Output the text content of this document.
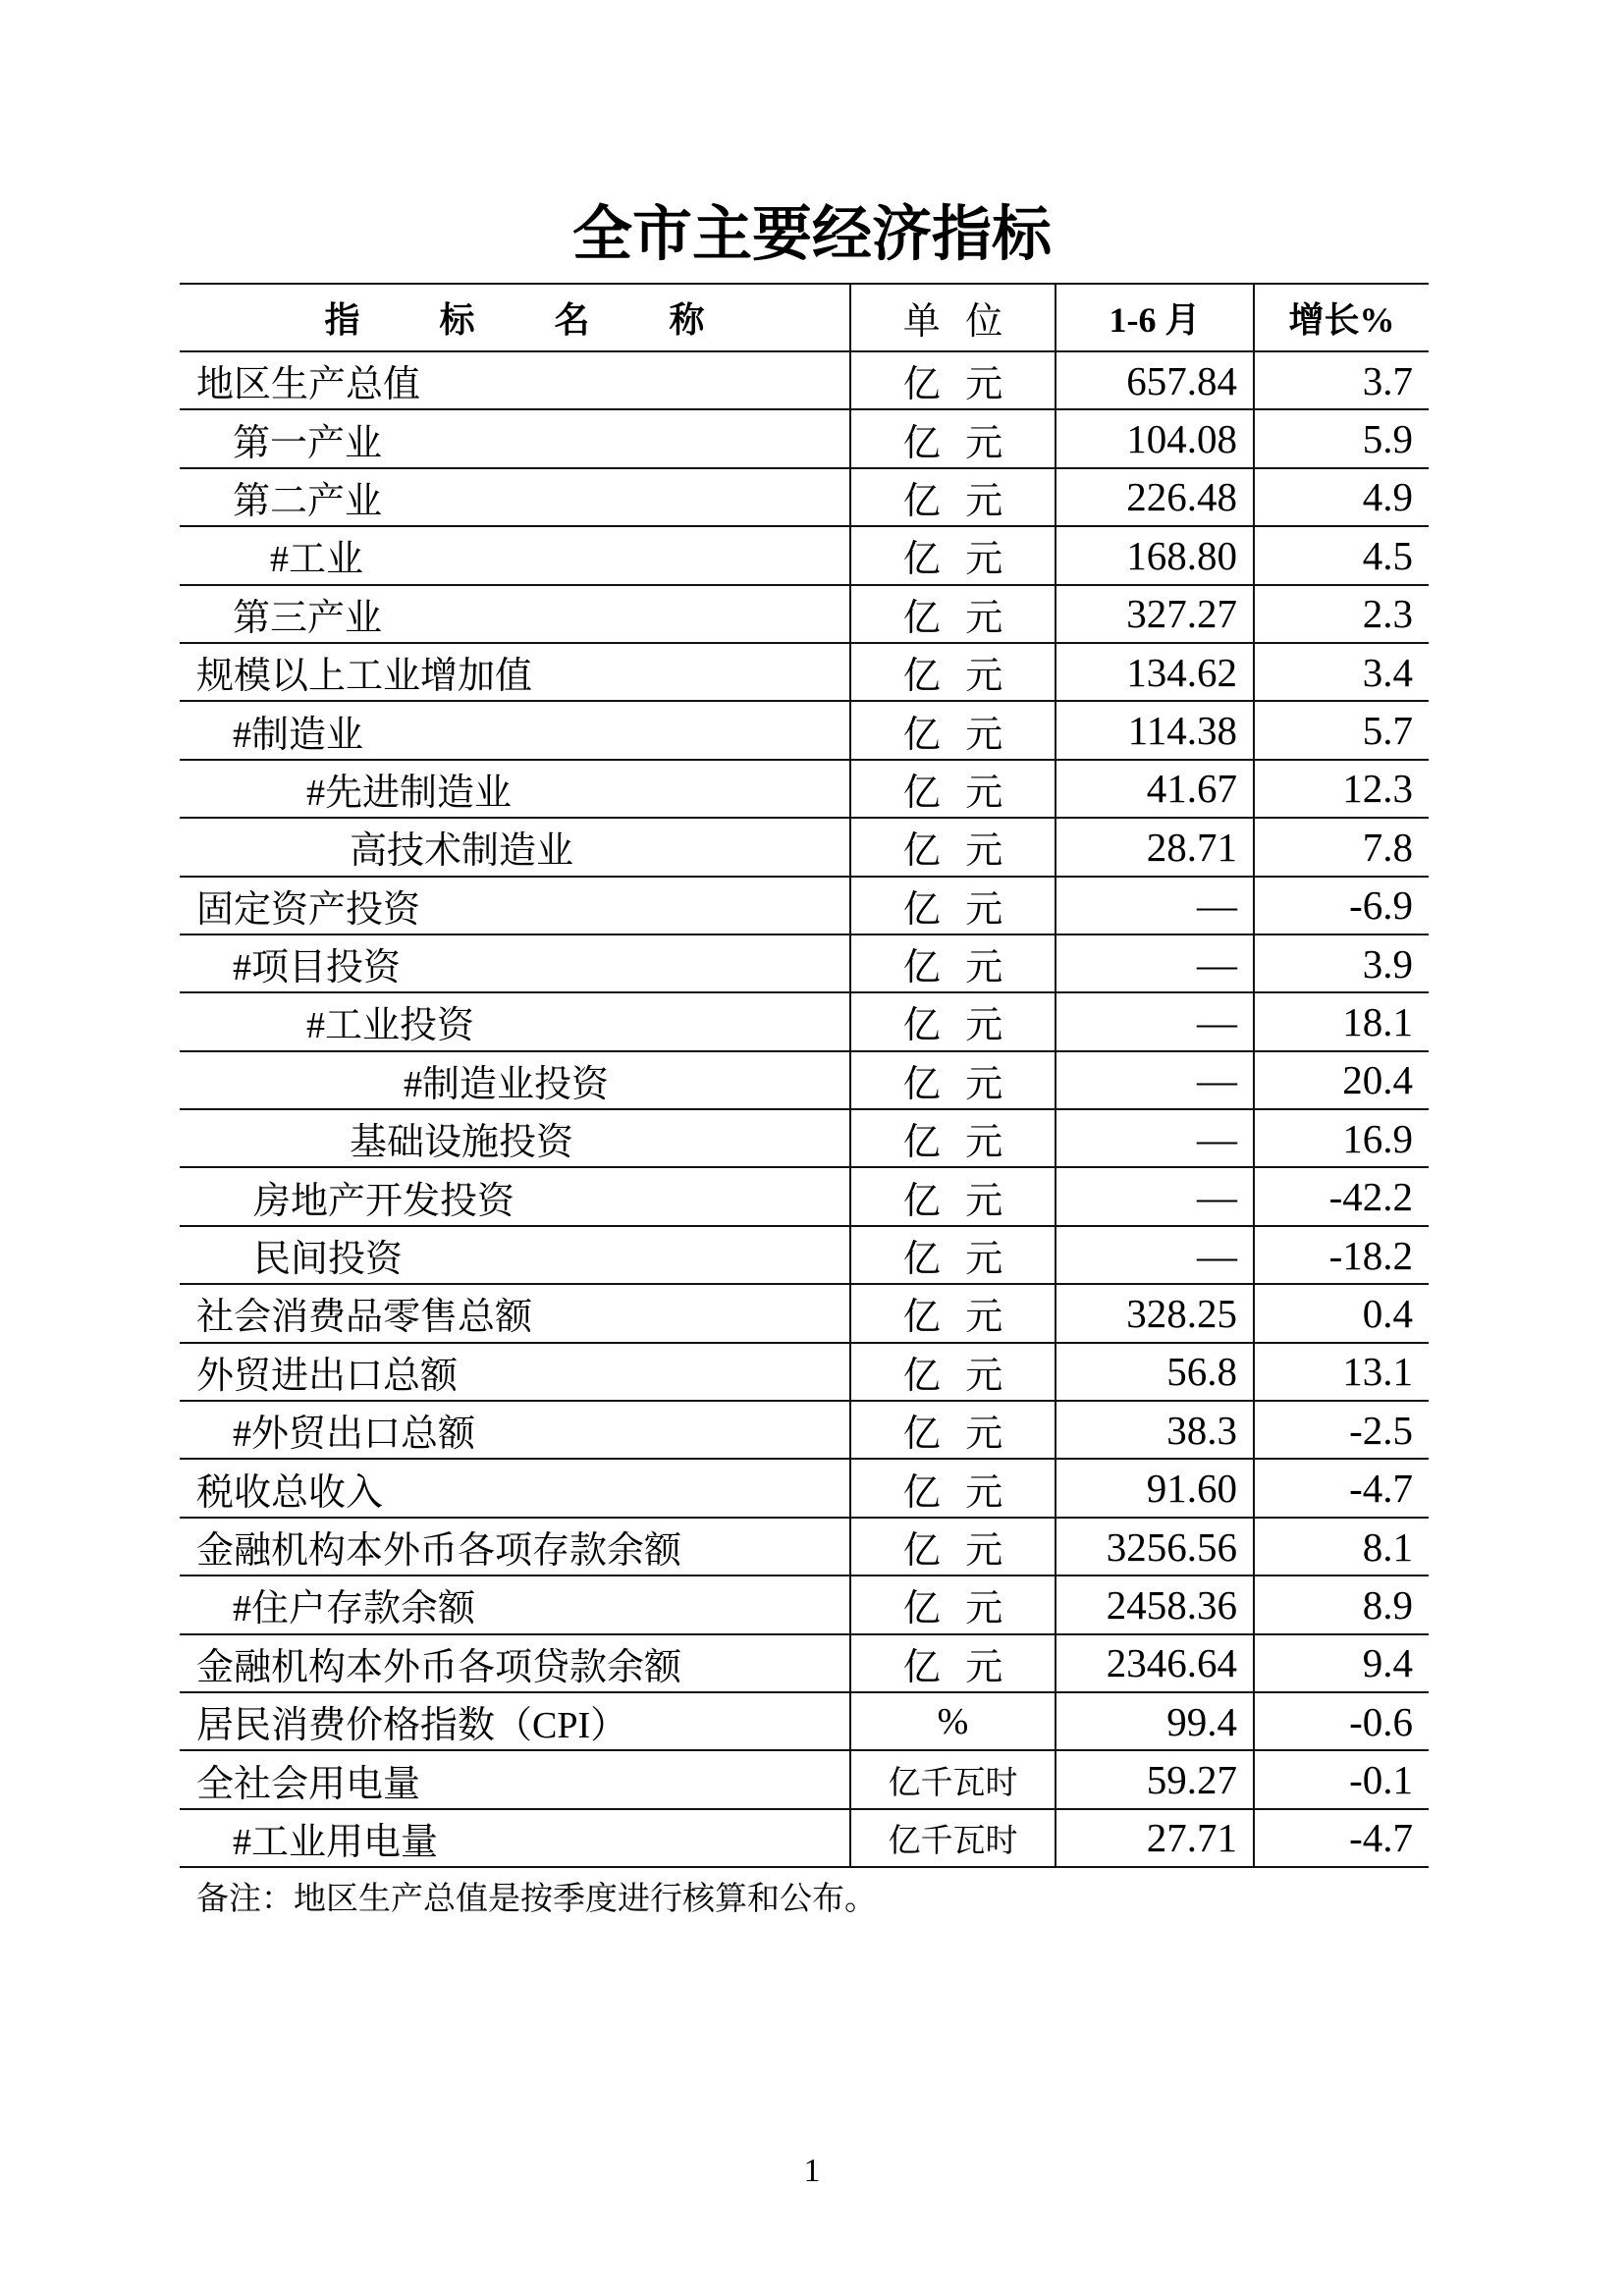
全市主要经济指标
指 标 名 称	单 位	1-6 月	增长%
地区生产总值	亿 元	657.84	3.7
第一产业	亿 元	104.08	5.9
第二产业	亿 元	226.48	4.9
#工业	亿 元	168.80	4.5
第三产业	亿 元	327.27	2.3
规模以上工业增加值	亿 元	134.62	3.4
#制造业	亿 元	114.38	5.7
#先进制造业	亿 元	41.67	12.3
高技术制造业	亿 元	28.71	7.8
固定资产投资	亿 元	—	-6.9
#项目投资	亿 元	—	3.9
#工业投资	亿 元	—	18.1
#制造业投资	亿 元	—	20.4
基础设施投资	亿 元	—	16.9
房地产开发投资	亿 元	—	-42.2
民间投资	亿 元	—	-18.2
社会消费品零售总额	亿 元	328.25	0.4
外贸进出口总额	亿 元	56.8	13.1
#外贸出口总额	亿 元	38.3	-2.5
税收总收入	亿 元	91.60	-4.7
金融机构本外币各项存款余额	亿 元	3256.56	8.1
#住户存款余额	亿 元	2458.36	8.9
金融机构本外币各项贷款余额	亿 元	2346.64	9.4
居民消费价格指数（CPI）	%	99.4	-0.6
全社会用电量	亿千瓦时	59.27	-0.1
#工业用电量	亿千瓦时	27.71	-4.7
备注：地区生产总值是按季度进行核算和公布。
1
